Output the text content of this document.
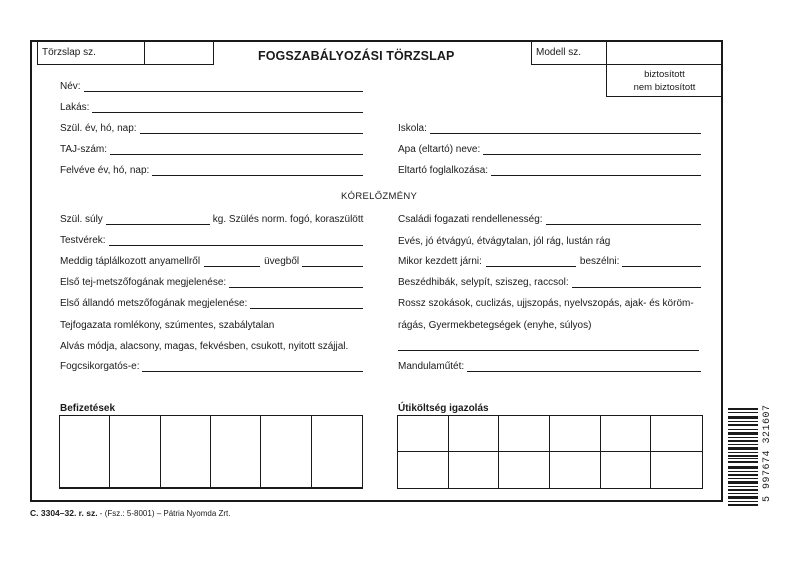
Törzslap sz.	FOGSZABÁLYOZÁSI TÖRZSLAP	Modell sz.
biztosított
nem biztosított
Név:
Lakás:
Szül. év, hó, nap:
TAJ-szám:
Felvéve év, hó, nap:
Iskola:
Apa (eltartó) neve:
Eltartó foglalkozása:
KÓRELŐZMÉNY
Szül. súly	kg. Szülés norm. fogó, koraszülött
Testvérek:
Meddig táplálkozott anyamellről	üvegből
Első tej-metszőfogának megjelenése:
Első állandó metszőfogának megjelenése:
Tejfogazata romlékony, szúmentes, szabálytalan
Alvás módja, alacsony, magas, fekvésben, csukott, nyitott szájjal.
Fogcsikorgatós-e:
Családi fogazati rendellenesség:
Evés, jó étvágyú, étvágytalan, jól rág, lustán rág
Mikor kezdett járni:	beszélni:
Beszédhibák, selypít, sziszeg, raccsol:
Rossz szokások, cuclizás, ujjszopás, nyelvszopás, ajak- és köröm-
rágás, Gyermekbetegségek (enyhe, súlyos)
Mandulaműtét:
Befizetések	Útiköltség igazolás
C. 3304–32. r. sz. - (Fsz.: 5-8001) – Pátria Nyomda Zrt.
5 997674 321607
